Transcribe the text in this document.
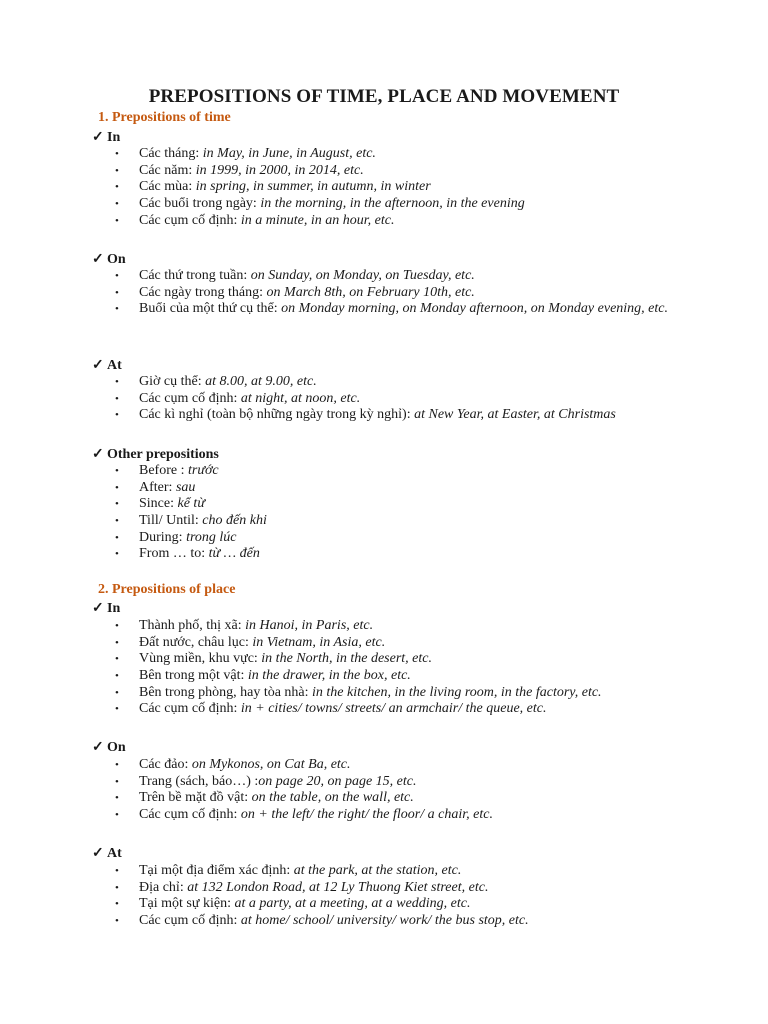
PREPOSITIONS OF TIME, PLACE AND MOVEMENT

1. Prepositions of time

✓ In

• Các tháng: in May, in June, in August, etc.
• Các năm: in 1999, in 2000, in 2014, etc.
• Các mùa: in spring, in summer, in autumn, in winter
• Các buổi trong ngày: in the morning, in the afternoon, in the evening
• Các cụm cố định: in a minute, in an hour, etc.

✓ On

• Các thứ trong tuần: on Sunday, on Monday, on Tuesday, etc.
• Các ngày trong tháng: on March 8th, on February 10th, etc.
• Buổi của một thứ cụ thể: on Monday morning, on Monday afternoon, on Monday evening, etc.

✓ At

• Giờ cụ thể: at 8.00, at 9.00, etc.
• Các cụm cố định: at night, at noon, etc.
• Các kì nghỉ (toàn bộ những ngày trong kỳ nghỉ): at New Year, at Easter, at Christmas

✓ Other prepositions

• Before : trước
• After: sau
• Since: kể từ
• Till/ Until: cho đến khi
• During: trong lúc
• From … to: từ … đến

2. Prepositions of place

✓ In

• Thành phố, thị xã: in Hanoi, in Paris, etc.
• Đất nước, châu lục: in Vietnam, in Asia, etc.
• Vùng miền, khu vực: in the North, in the desert, etc.
• Bên trong một vật: in the drawer, in the box, etc.
• Bên trong phòng, hay tòa nhà: in the kitchen, in the living room, in the factory, etc.
• Các cụm cố định: in + cities/ towns/ streets/ an armchair/ the queue, etc.

✓ On

• Các đảo: on Mykonos, on Cat Ba, etc.
• Trang (sách, báo…) :on page 20, on page 15, etc.
• Trên bề mặt đồ vật: on the table, on the wall, etc.
• Các cụm cố định: on + the left/ the right/ the floor/ a chair, etc.

✓ At

• Tại một địa điểm xác định: at the park, at the station, etc.
• Địa chỉ: at 132 London Road, at 12 Ly Thuong Kiet street, etc.
• Tại một sự kiện: at a party, at a meeting, at a wedding, etc.
• Các cụm cố định: at home/ school/ university/ work/ the bus stop, etc.
